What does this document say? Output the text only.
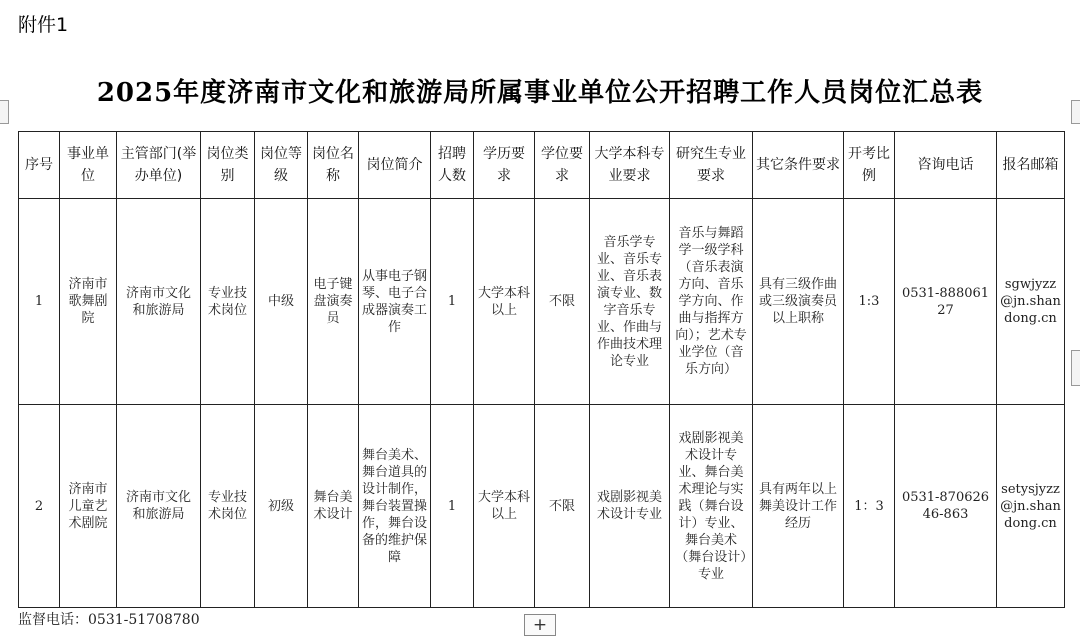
附件1
2025年度济南市文化和旅游局所属事业单位公开招聘工作人员岗位汇总表
序号	事业单位	主管部门(举办单位)	岗位类别	岗位等级	岗位名称	岗位简介	招聘人数	学历要求	学位要求	大学本科专业要求	研究生专业要求	其它条件要求	开考比例	咨询电话	报名邮箱
1	济南市歌舞剧院	济南市文化和旅游局	专业技术岗位	中级	电子键盘演奏员	从事电子钢琴、电子合成器演奏工作	1	大学本科以上	不限	音乐学专业、音乐专业、音乐表演专业、数字音乐专业、作曲与作曲技术理论专业	音乐与舞蹈学一级学科（音乐表演方向、音乐学方向、作曲与指挥方向）；艺术专业学位（音乐方向）	具有三级作曲或三级演奏员以上职称	1:3	0531-88806127	sgwjyzz@jn.shandong.cn
2	济南市儿童艺术剧院	济南市文化和旅游局	专业技术岗位	初级	舞台美术设计	舞台美术、舞台道具的设计制作，舞台装置操作，舞台设备的维护保障	1	大学本科以上	不限	戏剧影视美术设计专业	戏剧影视美术设计专业、舞台美术理论与实践（舞台设计）专业、舞台美术（舞台设计）专业	具有两年以上舞美设计工作经历	1：3	0531-87062646-863	setysjyzz@jn.shandong.cn
监督电话：0531-51708780	+
